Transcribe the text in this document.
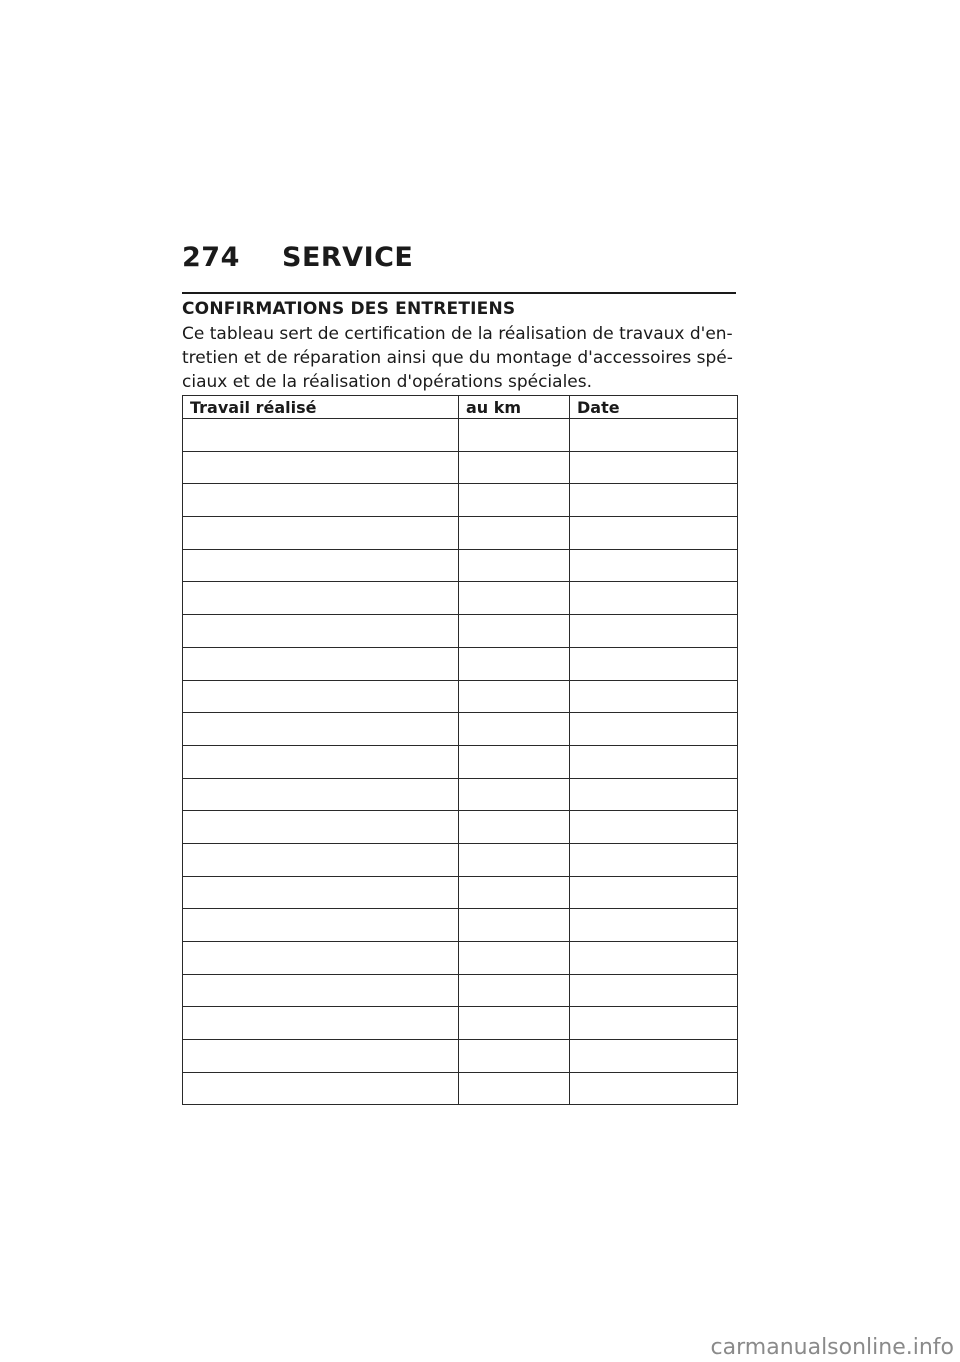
274	SERVICE
CONFIRMATIONS DES ENTRETIENS

Ce tableau sert de certification de la réalisation de travaux d'en-
tretien et de réparation ainsi que du montage d'accessoires spé-
ciaux et de la réalisation d'opérations spéciales.

Travail réalisé	au km	Date

carmanualsonline.info
